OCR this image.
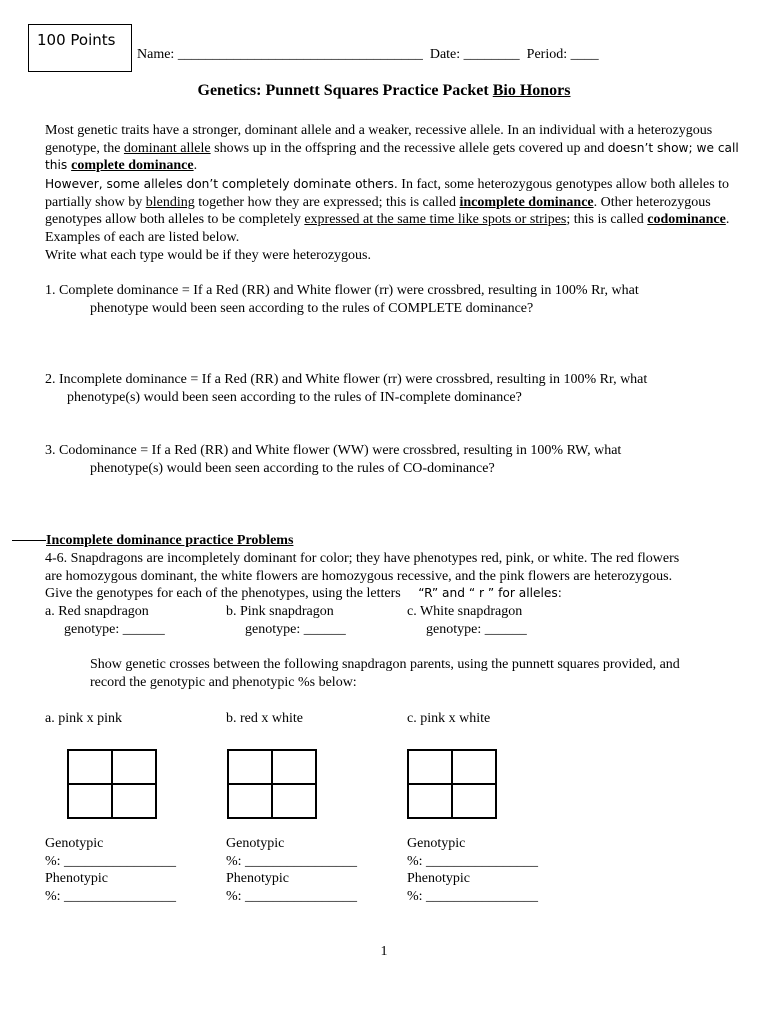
100 Points
Name: ___________________________________ Date: ________ Period: ____
Genetics: Punnett Squares Practice Packet Bio Honors
Most genetic traits have a stronger, dominant allele and a weaker, recessive allele. In an individual with a heterozygous genotype, the dominant allele shows up in the offspring and the recessive allele gets covered up and doesn’t show; we call this complete dominance.
However, some alleles don’t completely dominate others. In fact, some heterozygous genotypes allow both alleles to partially show by blending together how they are expressed; this is called incomplete dominance. Other heterozygous genotypes allow both alleles to be completely expressed at the same time like spots or stripes; this is called codominance. Examples of each are listed below.
Write what each type would be if they were heterozygous.
1. Complete dominance = If a Red (RR) and White flower (rr) were crossbred, resulting in 100% Rr, what
phenotype would been seen according to the rules of COMPLETE dominance?
2. Incomplete dominance = If a Red (RR) and White flower (rr) were crossbred, resulting in 100% Rr, what
phenotype(s) would been seen according to the rules of IN-complete dominance?
3. Codominance = If a Red (RR) and White flower (WW) were crossbred, resulting in 100% RW, what
phenotype(s) would been seen according to the rules of CO-dominance?
Incomplete dominance practice Problems
4-6. Snapdragons are incompletely dominant for color; they have phenotypes red, pink, or white. The red flowers
are homozygous dominant, the white flowers are homozygous recessive, and the pink flowers are heterozygous.
Give the genotypes for each of the phenotypes, using the letters     “R” and “ r ” for alleles:
a. Red snapdragon
genotype: ______
b. Pink snapdragon
genotype: ______
c. White snapdragon
genotype: ______
Show genetic crosses between the following snapdragon parents, using the punnett squares provided, and
record the genotypic and phenotypic %s below:
a. pink x pink	b. red x white	c. pink x white
Genotypic
%: ________________
Phenotypic
%: ________________
Genotypic
%: ________________
Phenotypic
%: ________________
Genotypic
%: ________________
Phenotypic
%: ________________
1
